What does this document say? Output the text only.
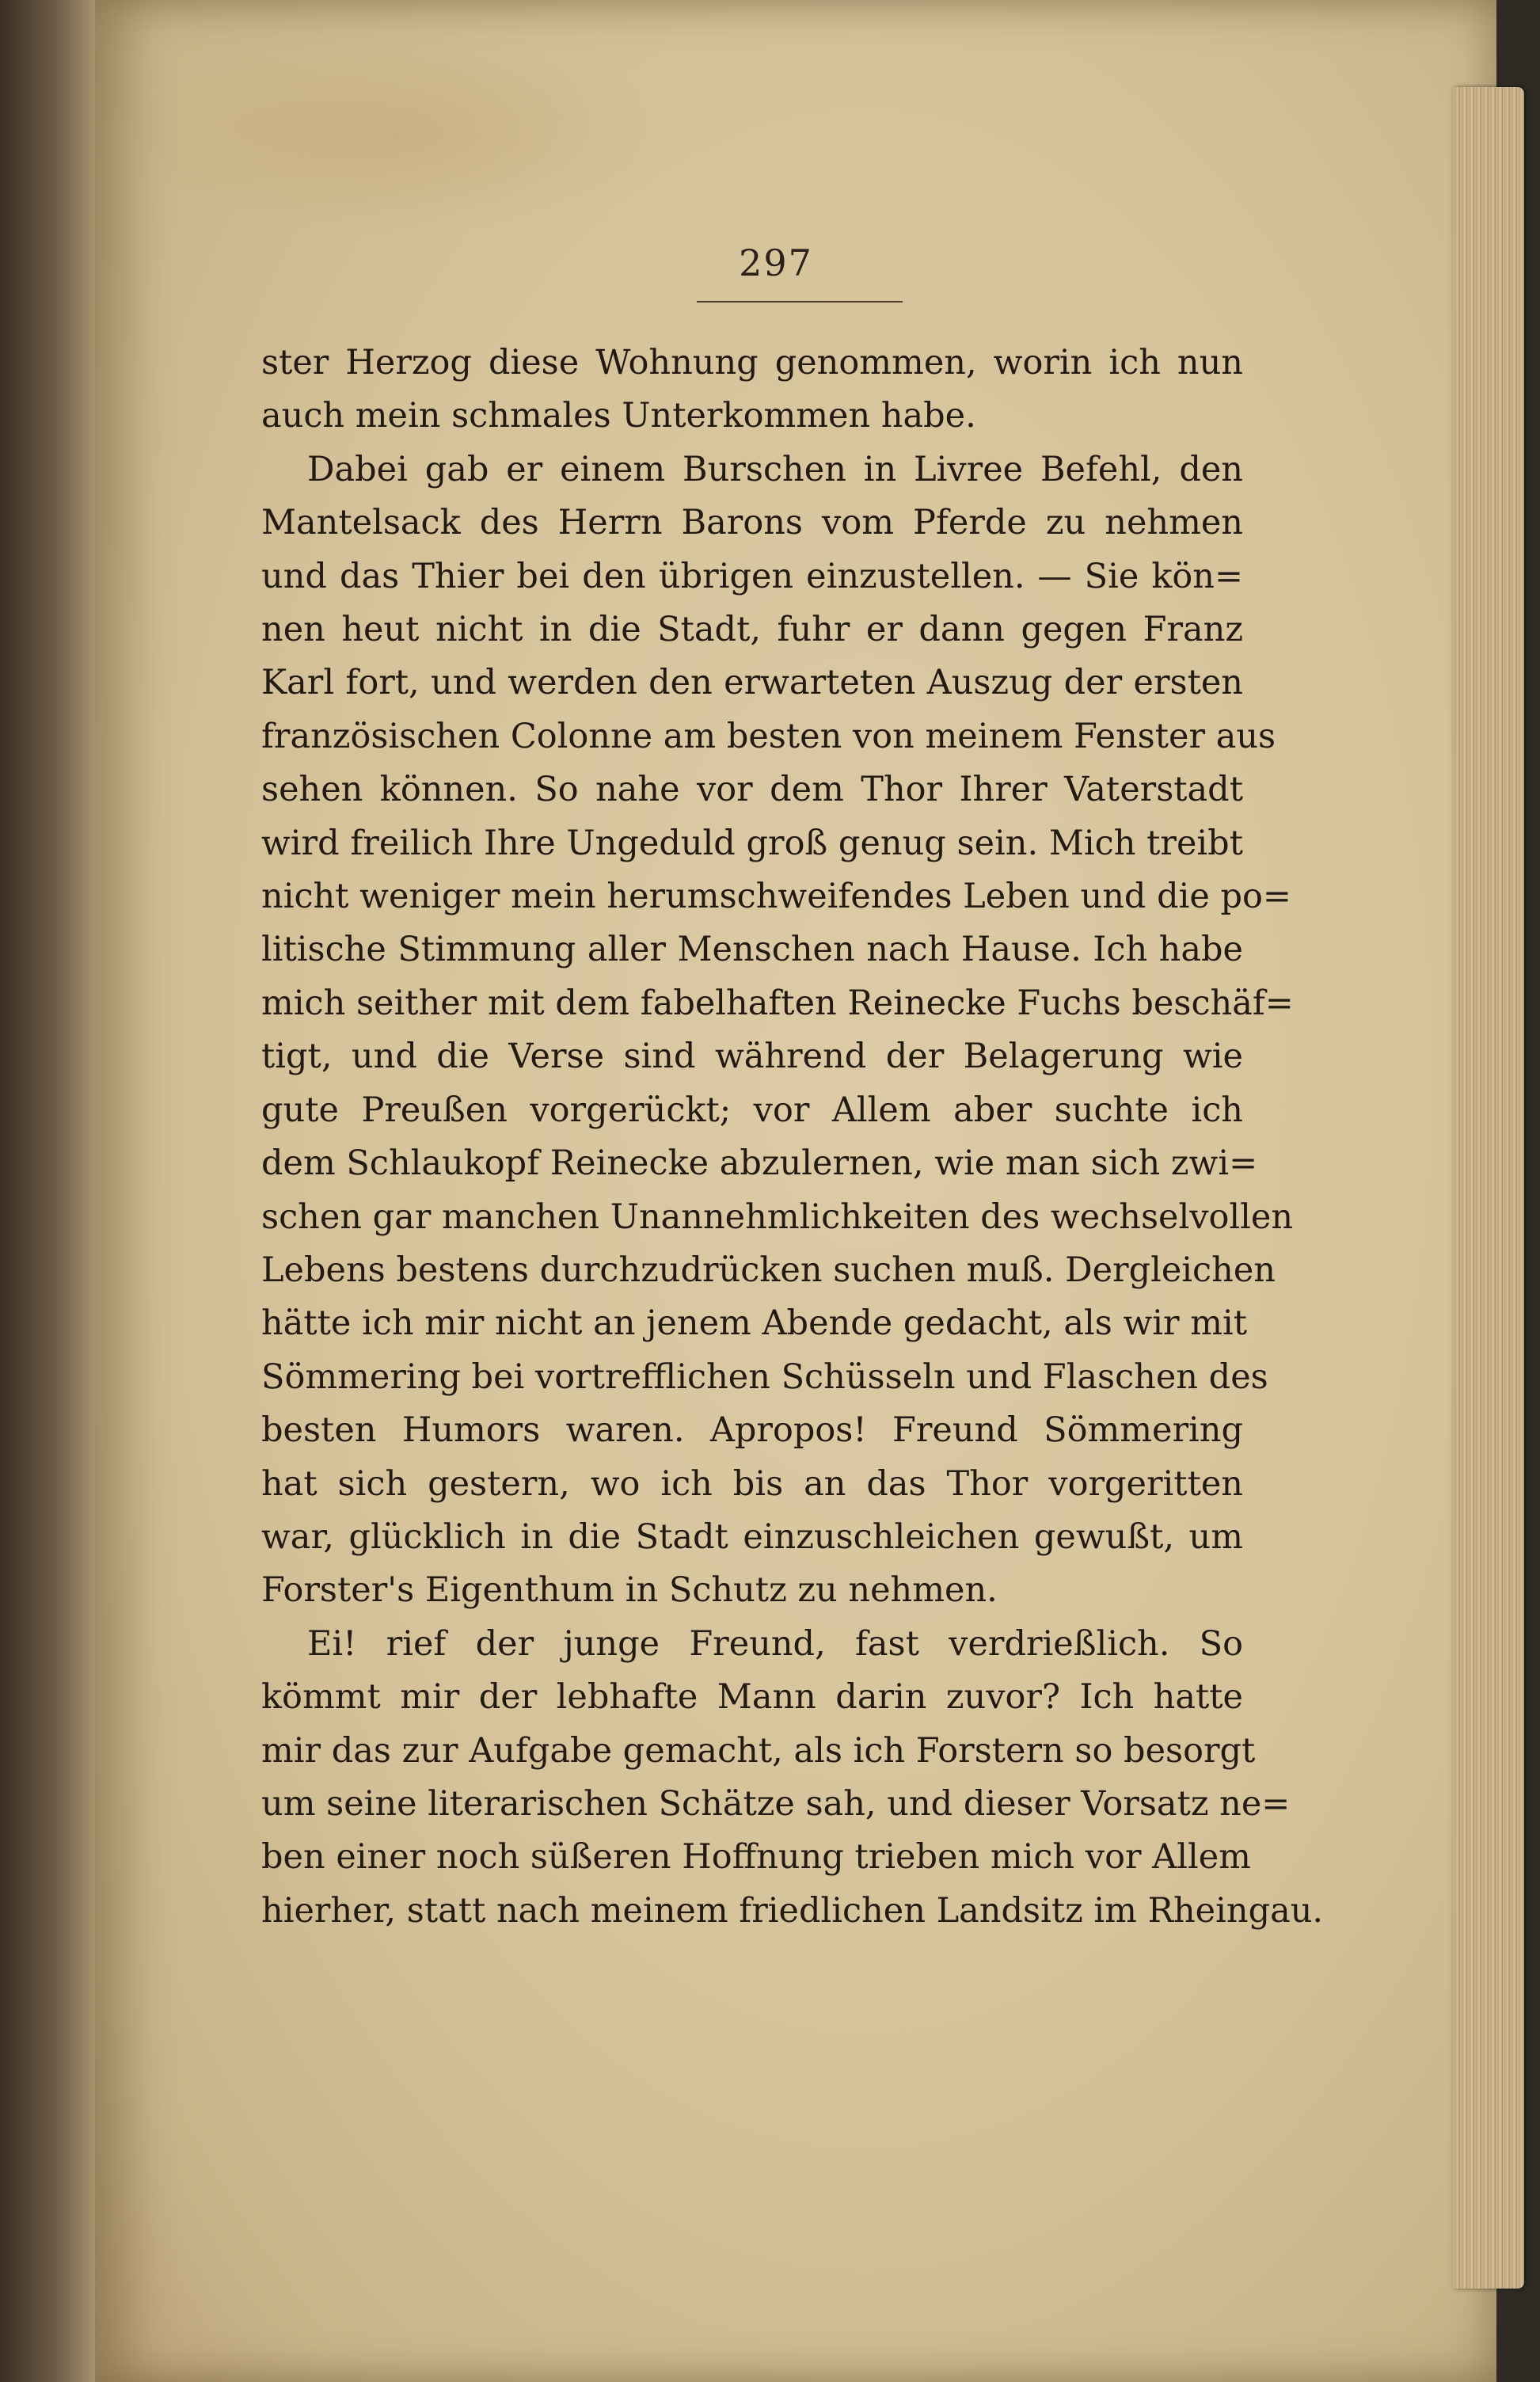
297
ster Herzog diese Wohnung genommen, worin ich nun
auch mein schmales Unterkommen habe.
Dabei gab er einem Burschen in Livree Befehl, den
Mantelsack des Herrn Barons vom Pferde zu nehmen
und das Thier bei den übrigen einzustellen. — Sie kön=
nen heut nicht in die Stadt, fuhr er dann gegen Franz
Karl fort, und werden den erwarteten Auszug der ersten
französischen Colonne am besten von meinem Fenster aus
sehen können. So nahe vor dem Thor Ihrer Vaterstadt
wird freilich Ihre Ungeduld groß genug sein. Mich treibt
nicht weniger mein herumschweifendes Leben und die po=
litische Stimmung aller Menschen nach Hause. Ich habe
mich seither mit dem fabelhaften Reinecke Fuchs beschäf=
tigt, und die Verse sind während der Belagerung wie
gute Preußen vorgerückt; vor Allem aber suchte ich
dem Schlaukopf Reinecke abzulernen, wie man sich zwi=
schen gar manchen Unannehmlichkeiten des wechselvollen
Lebens bestens durchzudrücken suchen muß. Dergleichen
hätte ich mir nicht an jenem Abende gedacht, als wir mit
Sömmering bei vortrefflichen Schüsseln und Flaschen des
besten Humors waren. Apropos! Freund Sömmering
hat sich gestern, wo ich bis an das Thor vorgeritten
war, glücklich in die Stadt einzuschleichen gewußt, um
Forster's Eigenthum in Schutz zu nehmen.
Ei! rief der junge Freund, fast verdrießlich. So
kömmt mir der lebhafte Mann darin zuvor? Ich hatte
mir das zur Aufgabe gemacht, als ich Forstern so besorgt
um seine literarischen Schätze sah, und dieser Vorsatz ne=
ben einer noch süßeren Hoffnung trieben mich vor Allem
hierher, statt nach meinem friedlichen Landsitz im Rheingau.
